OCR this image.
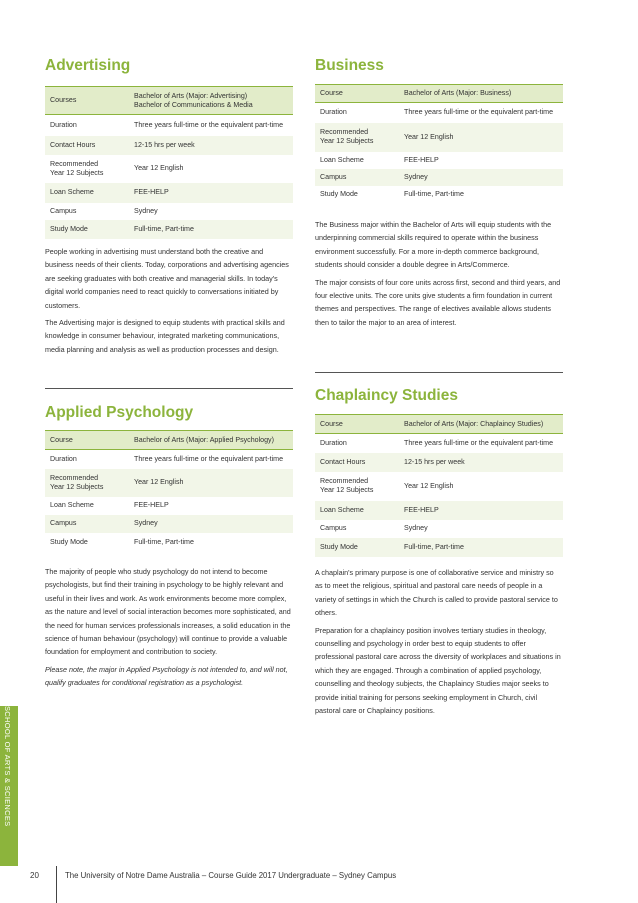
Advertising
Courses	Bachelor of Arts (Major: Advertising)
Bachelor of Communications & Media
Duration	Three years full-time or the equivalent part-time
Contact Hours	12-15 hrs per week
Recommended
Year 12 Subjects	Year 12 English
Loan Scheme	FEE-HELP
Campus	Sydney
Study Mode	Full-time, Part-time

People working in advertising must understand both the creative and business needs of their clients. Today, corporations and advertising agencies are seeking graduates with both creative and managerial skills. In today's digital world companies need to react quickly to conversations initiated by customers.

The Advertising major is designed to equip students with practical skills and knowledge in consumer behaviour, integrated marketing communications, media planning and analysis as well as production processes and design.

Business
Course	Bachelor of Arts (Major: Business)
Duration	Three years full-time or the equivalent part-time
Recommended
Year 12 Subjects	Year 12 English
Loan Scheme	FEE-HELP
Campus	Sydney
Study Mode	Full-time, Part-time

The Business major within the Bachelor of Arts will equip students with the underpinning commercial skills required to operate within the business environment successfully. For a more in-depth commerce background, students should consider a double degree in Arts/Commerce.

The major consists of four core units across first, second and third years, and four elective units. The core units give students a firm foundation in current themes and perspectives. The range of electives available allows students then to tailor the major to an area of interest.

Applied Psychology
Course	Bachelor of Arts (Major: Applied Psychology)
Duration	Three years full-time or the equivalent part-time
Recommended
Year 12 Subjects	Year 12 English
Loan Scheme	FEE-HELP
Campus	Sydney
Study Mode	Full-time, Part-time

The majority of people who study psychology do not intend to become psychologists, but find their training in psychology to be highly relevant and useful in their lives and work. As work environments become more complex, as the nature and level of social interaction becomes more sophisticated, and the need for human services professionals increases, a solid education in the science of human behaviour (psychology) will continue to provide a valuable foundation for employment and contribution to society.

Please note, the major in Applied Psychology is not intended to, and will not, qualify graduates for conditional registration as a psychologist.

Chaplaincy Studies
Course	Bachelor of Arts (Major: Chaplaincy Studies)
Duration	Three years full-time or the equivalent part-time
Contact Hours	12-15 hrs per week
Recommended
Year 12 Subjects	Year 12 English
Loan Scheme	FEE-HELP
Campus	Sydney
Study Mode	Full-time, Part-time

A chaplain's primary purpose is one of collaborative service and ministry so as to meet the religious, spiritual and pastoral care needs of people in a variety of settings in which the Church is called to provide pastoral service to others.

Preparation for a chaplaincy position involves tertiary studies in theology, counselling and psychology in order best to equip students to offer professional pastoral care across the diversity of workplaces and situations in which they are engaged. Through a combination of applied psychology, counselling and theology subjects, the Chaplaincy Studies major seeks to provide initial training for persons seeking employment in Church, civil pastoral care or Chaplaincy positions.

SCHOOL OF ARTS & SCIENCES
20	The University of Notre Dame Australia – Course Guide 2017 Undergraduate – Sydney Campus
